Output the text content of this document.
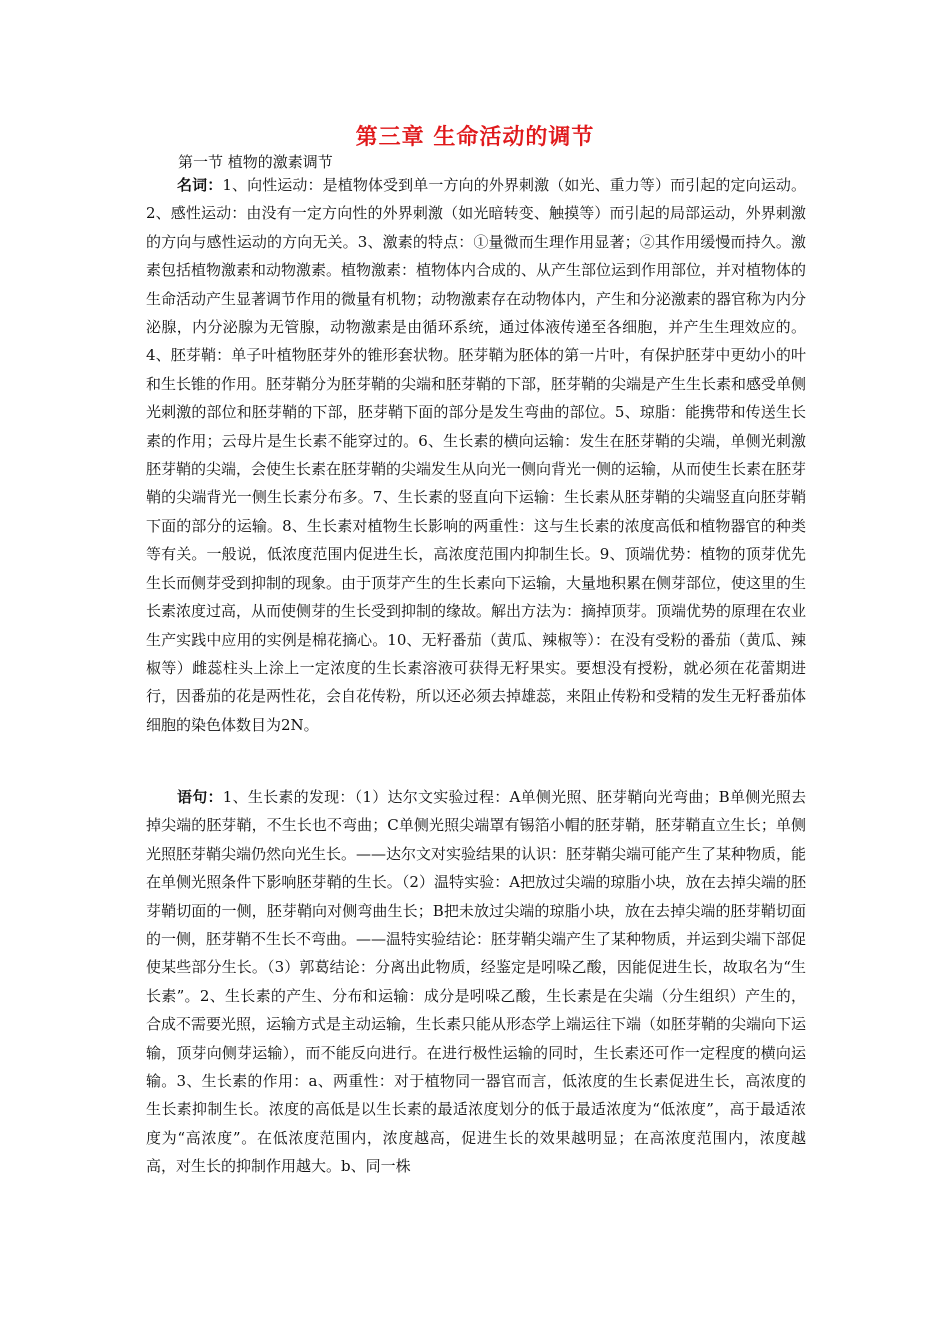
第三章 生命活动的调节
第一节 植物的激素调节
名词：1、向性运动：是植物体受到单一方向的外界刺激（如光、重力等）而引起的定向运动。2、感性运动：由没有一定方向性的外界刺激（如光暗转变、触摸等）而引起的局部运动，外界刺激的方向与感性运动的方向无关。3、激素的特点：①量微而生理作用显著；②其作用缓慢而持久。激素包括植物激素和动物激素。植物激素：植物体内合成的、从产生部位运到作用部位，并对植物体的生命活动产生显著调节作用的微量有机物；动物激素存在动物体内，产生和分泌激素的器官称为内分泌腺，内分泌腺为无管腺，动物激素是由循环系统，通过体液传递至各细胞，并产生生理效应的。4、胚芽鞘：单子叶植物胚芽外的锥形套状物。胚芽鞘为胚体的第一片叶，有保护胚芽中更幼小的叶和生长锥的作用。胚芽鞘分为胚芽鞘的尖端和胚芽鞘的下部，胚芽鞘的尖端是产生生长素和感受单侧光刺激的部位和胚芽鞘的下部，胚芽鞘下面的部分是发生弯曲的部位。5、琼脂：能携带和传送生长素的作用；云母片是生长素不能穿过的。6、生长素的横向运输：发生在胚芽鞘的尖端，单侧光刺激胚芽鞘的尖端，会使生长素在胚芽鞘的尖端发生从向光一侧向背光一侧的运输，从而使生长素在胚芽鞘的尖端背光一侧生长素分布多。7、生长素的竖直向下运输：生长素从胚芽鞘的尖端竖直向胚芽鞘下面的部分的运输。8、生长素对植物生长影响的两重性：这与生长素的浓度高低和植物器官的种类等有关。一般说，低浓度范围内促进生长，高浓度范围内抑制生长。9、顶端优势：植物的顶芽优先生长而侧芽受到抑制的现象。由于顶芽产生的生长素向下运输，大量地积累在侧芽部位，使这里的生长素浓度过高，从而使侧芽的生长受到抑制的缘故。解出方法为：摘掉顶芽。顶端优势的原理在农业生产实践中应用的实例是棉花摘心。10、无籽番茄（黄瓜、辣椒等）：在没有受粉的番茄（黄瓜、辣椒等）雌蕊柱头上涂上一定浓度的生长素溶液可获得无籽果实。要想没有授粉，就必须在花蕾期进行，因番茄的花是两性花，会自花传粉，所以还必须去掉雄蕊，来阻止传粉和受精的发生无籽番茄体细胞的染色体数目为2N。
语句：1、生长素的发现：（1）达尔文实验过程：A单侧光照、胚芽鞘向光弯曲；B单侧光照去掉尖端的胚芽鞘，不生长也不弯曲；C单侧光照尖端罩有锡箔小帽的胚芽鞘，胚芽鞘直立生长；单侧光照胚芽鞘尖端仍然向光生长。——达尔文对实验结果的认识：胚芽鞘尖端可能产生了某种物质，能在单侧光照条件下影响胚芽鞘的生长。（2）温特实验：A把放过尖端的琼脂小块，放在去掉尖端的胚芽鞘切面的一侧，胚芽鞘向对侧弯曲生长；B把未放过尖端的琼脂小块，放在去掉尖端的胚芽鞘切面的一侧，胚芽鞘不生长不弯曲。——温特实验结论：胚芽鞘尖端产生了某种物质，并运到尖端下部促使某些部分生长。（3）郭葛结论：分离出此物质，经鉴定是吲哚乙酸，因能促进生长，故取名为“生长素”。2、生长素的产生、分布和运输：成分是吲哚乙酸，生长素是在尖端（分生组织）产生的，合成不需要光照，运输方式是主动运输，生长素只能从形态学上端运往下端（如胚芽鞘的尖端向下运输，顶芽向侧芽运输），而不能反向进行。在进行极性运输的同时，生长素还可作一定程度的横向运输。3、生长素的作用：a、两重性：对于植物同一器官而言，低浓度的生长素促进生长，高浓度的生长素抑制生长。浓度的高低是以生长素的最适浓度划分的低于最适浓度为“低浓度”，高于最适浓度为“高浓度”。在低浓度范围内，浓度越高，促进生长的效果越明显；在高浓度范围内，浓度越高，对生长的抑制作用越大。b、同一株
